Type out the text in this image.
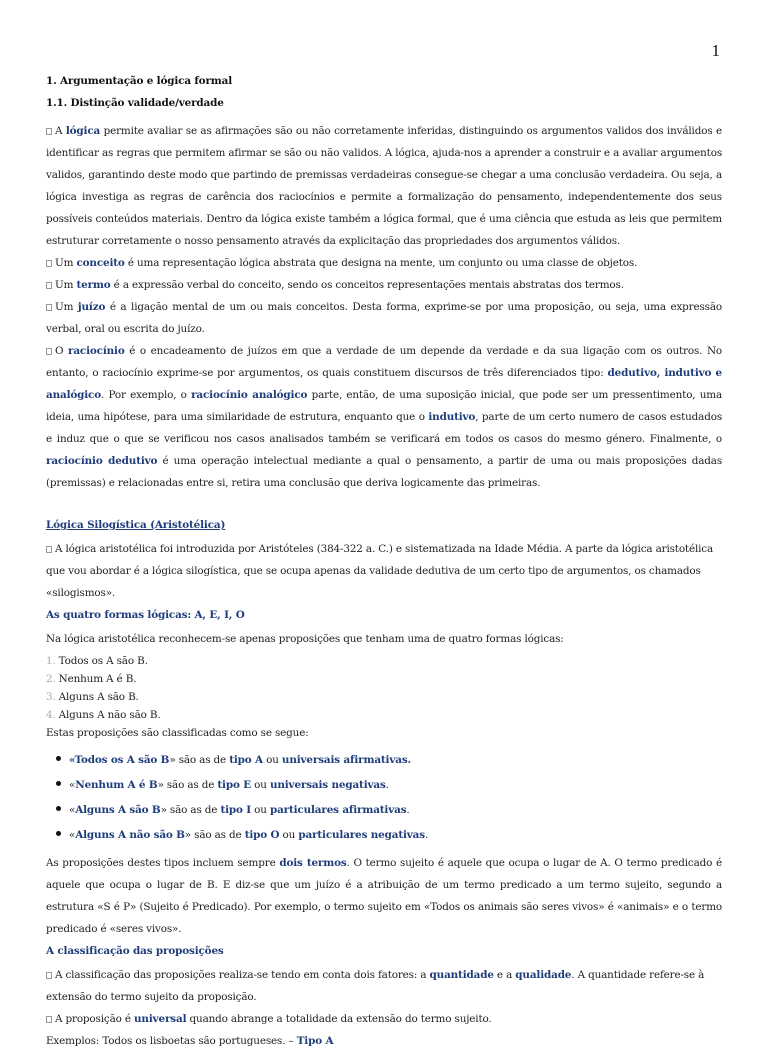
1
1. Argumentação e lógica formal
1.1. Distinção validade/verdade

A lógica permite avaliar se as afirmações são ou não corretamente inferidas, distinguindo os argumentos validos dos inválidos e identificar as regras que permitem afirmar se são ou não validos. A lógica, ajuda-nos a aprender a construir e a avaliar argumentos validos, garantindo deste modo que partindo de premissas verdadeiras consegue-se chegar a uma conclusão verdadeira. Ou seja, a lógica investiga as regras de carência dos raciocínios e permite a formalização do pensamento, independentemente dos seus possíveis conteúdos materiais. Dentro da lógica existe também a lógica formal, que é uma ciência que estuda as leis que permitem estruturar corretamente o nosso pensamento através da explicitação das propriedades dos argumentos válidos.

Um conceito é uma representação lógica abstrata que designa na mente, um conjunto ou uma classe de objetos.

Um termo é a expressão verbal do conceito, sendo os conceitos representações mentais abstratas dos termos.

Um juízo é a ligação mental de um ou mais conceitos. Desta forma, exprime-se por uma proposição, ou seja, uma expressão verbal, oral ou escrita do juízo.

O raciocínio é o encadeamento de juízos em que a verdade de um depende da verdade e da sua ligação com os outros. No entanto, o raciocínio exprime-se por argumentos, os quais constituem discursos de três diferenciados tipo: dedutivo, indutivo e analógico. Por exemplo, o raciocínio analógico parte, então, de uma suposição inicial, que pode ser um pressentimento, uma ideia, uma hipótese, para uma similaridade de estrutura, enquanto que o indutivo, parte de um certo numero de casos estudados e induz que o que se verificou nos casos analisados também se verificará em todos os casos do mesmo género. Finalmente, o raciocínio dedutivo é uma operação intelectual mediante a qual o pensamento, a partir de uma ou mais proposições dadas (premissas) e relacionadas entre si, retira uma conclusão que deriva logicamente das primeiras.

Lógica Silogística (Aristotélica)

A lógica aristotélica foi introduzida por Aristóteles (384-322 a. C.) e sistematizada na Idade Média. A parte da lógica aristotélica que vou abordar é a lógica silogística, que se ocupa apenas da validade dedutiva de um certo tipo de argumentos, os chamados «silogismos».

As quatro formas lógicas: A, E, I, O

Na lógica aristotélica reconhecem-se apenas proposições que tenham uma de quatro formas lógicas:

1. Todos os A são B.
2. Nenhum A é B.
3. Alguns A são B.
4. Alguns A não são B.

Estas proposições são classificadas como se segue:

«Todos os A são B» são as de tipo A ou universais afirmativas.
«Nenhum A é B» são as de tipo E ou universais negativas.
«Alguns A são B» são as de tipo I ou particulares afirmativas.
«Alguns A não são B» são as de tipo O ou particulares negativas.

As proposições destes tipos incluem sempre dois termos. O termo sujeito é aquele que ocupa o lugar de A. O termo predicado é aquele que ocupa o lugar de B. E diz-se que um juízo é a atribuição de um termo predicado a um termo sujeito, segundo a estrutura «S é P» (Sujeito é Predicado). Por exemplo, o termo sujeito em «Todos os animais são seres vivos» é «animais» e o termo predicado é «seres vivos».

A classificação das proposições

A classificação das proposições realiza-se tendo em conta dois fatores: a quantidade e a qualidade. A quantidade refere-se à extensão do termo sujeito da proposição.

A proposição é universal quando abrange a totalidade da extensão do termo sujeito.

Exemplos: Todos os lisboetas são portugueses. – Tipo A
